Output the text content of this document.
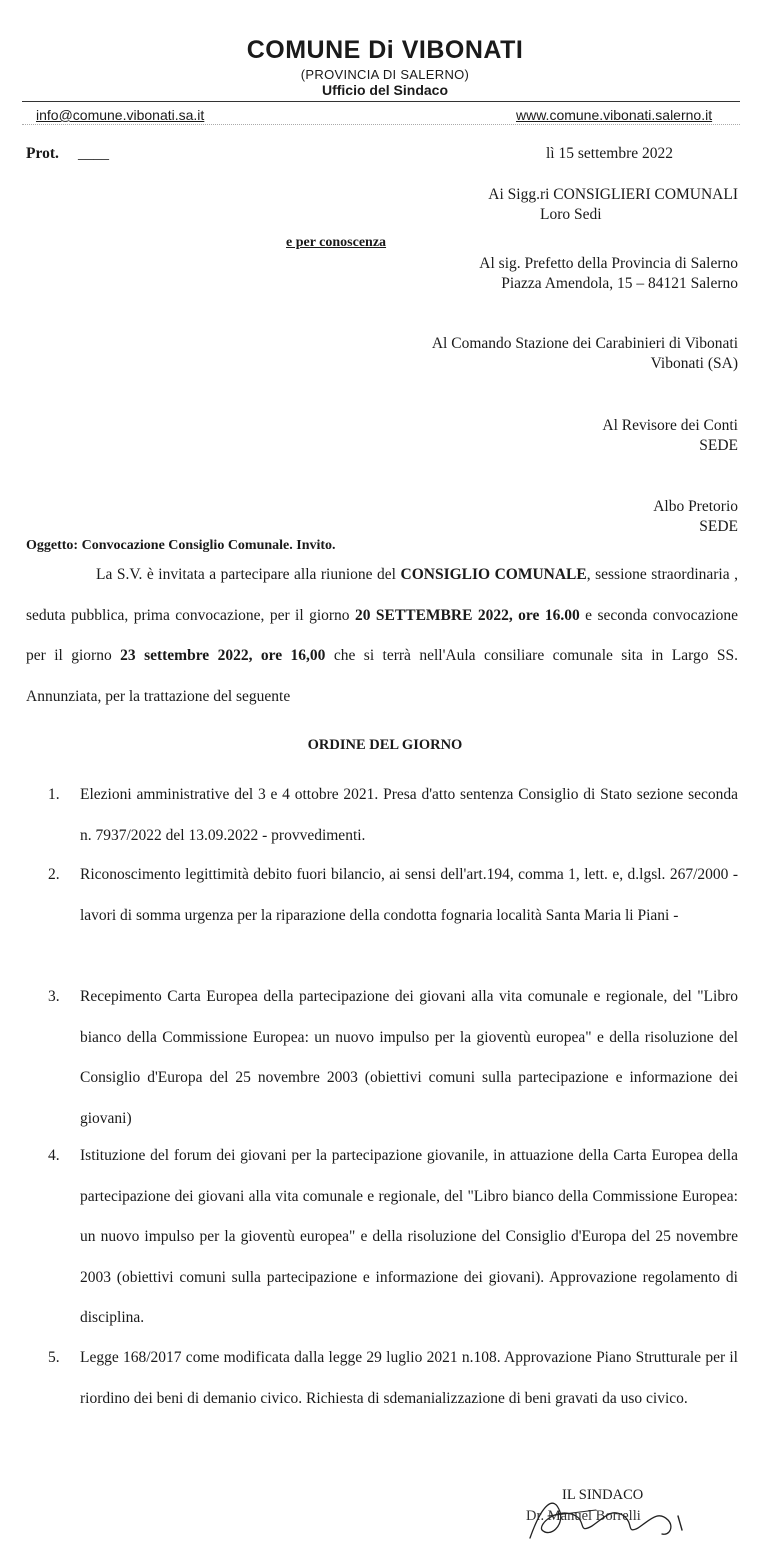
COMUNE Di VIBONATI
(PROVINCIA DI SALERNO)
Ufficio del Sindaco
info@comune.vibonati.sa.it	www.comune.vibonati.salerno.it
Prot. ____	lì 15 settembre 2022
Ai Sigg.ri CONSIGLIERI COMUNALI
Loro Sedi
e per conoscenza
Al sig. Prefetto della Provincia di Salerno
Piazza Amendola, 15 – 84121 Salerno
Al Comando Stazione dei Carabinieri di Vibonati
Vibonati (SA)
Al Revisore dei Conti
SEDE
Albo Pretorio
SEDE
Oggetto: Convocazione Consiglio Comunale. Invito.
La S.V. è invitata a partecipare alla riunione del CONSIGLIO COMUNALE, sessione straordinaria , seduta pubblica, prima convocazione, per il giorno 20 SETTEMBRE 2022, ore 16.00 e seconda convocazione per il giorno 23 settembre 2022, ore 16,00 che si terrà nell'Aula consiliare comunale sita in Largo SS. Annunziata, per la trattazione del seguente
ORDINE DEL GIORNO
1. Elezioni amministrative del 3 e 4 ottobre 2021. Presa d'atto sentenza Consiglio di Stato sezione seconda n. 7937/2022 del 13.09.2022 - provvedimenti.
2. Riconoscimento legittimità debito fuori bilancio, ai sensi dell'art.194, comma 1, lett. e, d.lgsl. 267/2000 - lavori di somma urgenza per la riparazione della condotta fognaria località Santa Maria li Piani -
3. Recepimento Carta Europea della partecipazione dei giovani alla vita comunale e regionale, del "Libro bianco della Commissione Europea: un nuovo impulso per la gioventù europea" e della risoluzione del Consiglio d'Europa del 25 novembre 2003 (obiettivi comuni sulla partecipazione e informazione dei giovani)
4. Istituzione del forum dei giovani per la partecipazione giovanile, in attuazione della Carta Europea della partecipazione dei giovani alla vita comunale e regionale, del "Libro bianco della Commissione Europea: un nuovo impulso per la gioventù europea" e della risoluzione del Consiglio d'Europa del 25 novembre 2003 (obiettivi comuni sulla partecipazione e informazione dei giovani). Approvazione regolamento di disciplina.
5. Legge 168/2017 come modificata dalla legge 29 luglio 2021 n.108. Approvazione Piano Strutturale per il riordino dei beni di demanio civico. Richiesta di sdemanializzazione di beni gravati da uso civico.
IL SINDACO
Dr. Manuel Borrelli
